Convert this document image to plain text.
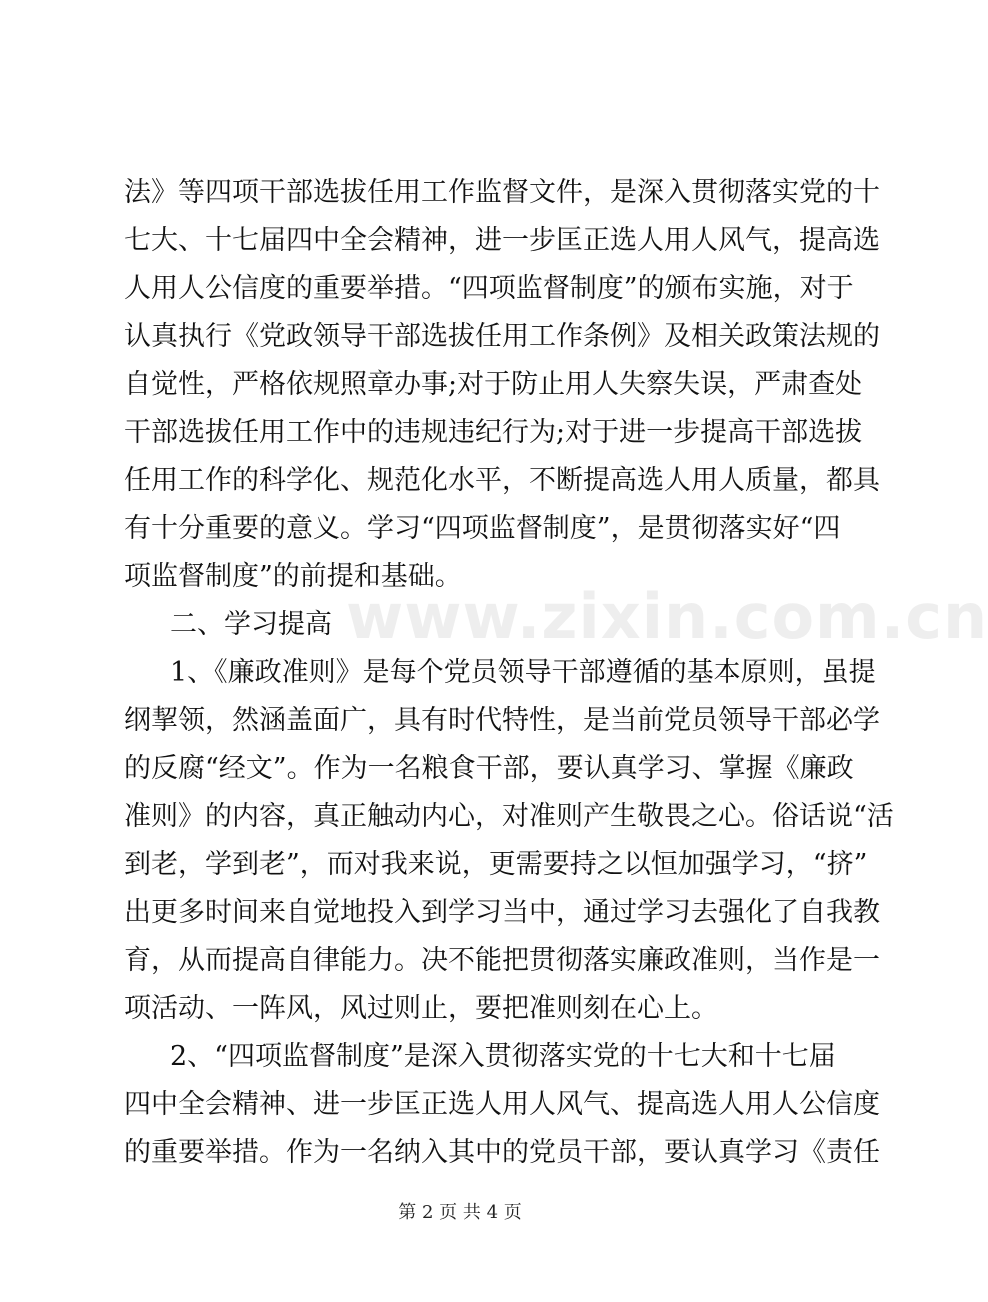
www.zixin.com.cn
法》等四项干部选拔任用工作监督文件，是深入贯彻落实党的十
七大、十七届四中全会精神，进一步匡正选人用人风气，提高选
人用人公信度的重要举措。“四项监督制度”的颁布实施，对于
认真执行《党政领导干部选拔任用工作条例》及相关政策法规的
自觉性，严格依规照章办事;对于防止用人失察失误，严肃查处
干部选拔任用工作中的违规违纪行为;对于进一步提高干部选拔
任用工作的科学化、规范化水平，不断提高选人用人质量，都具
有十分重要的意义。学习“四项监督制度”，是贯彻落实好“四
项监督制度”的前提和基础。
二、学习提高
1、《廉政准则》是每个党员领导干部遵循的基本原则，虽提
纲挈领，然涵盖面广，具有时代特性，是当前党员领导干部必学
的反腐“经文”。作为一名粮食干部，要认真学习、掌握《廉政
准则》的内容，真正触动内心，对准则产生敬畏之心。俗话说“活
到老，学到老”，而对我来说，更需要持之以恒加强学习，“挤”
出更多时间来自觉地投入到学习当中，通过学习去强化了自我教
育，从而提高自律能力。决不能把贯彻落实廉政准则，当作是一
项活动、一阵风，风过则止，要把准则刻在心上。
2、“四项监督制度”是深入贯彻落实党的十七大和十七届
四中全会精神、进一步匡正选人用人风气、提高选人用人公信度
的重要举措。作为一名纳入其中的党员干部，要认真学习《责任
第 2 页 共 4 页
